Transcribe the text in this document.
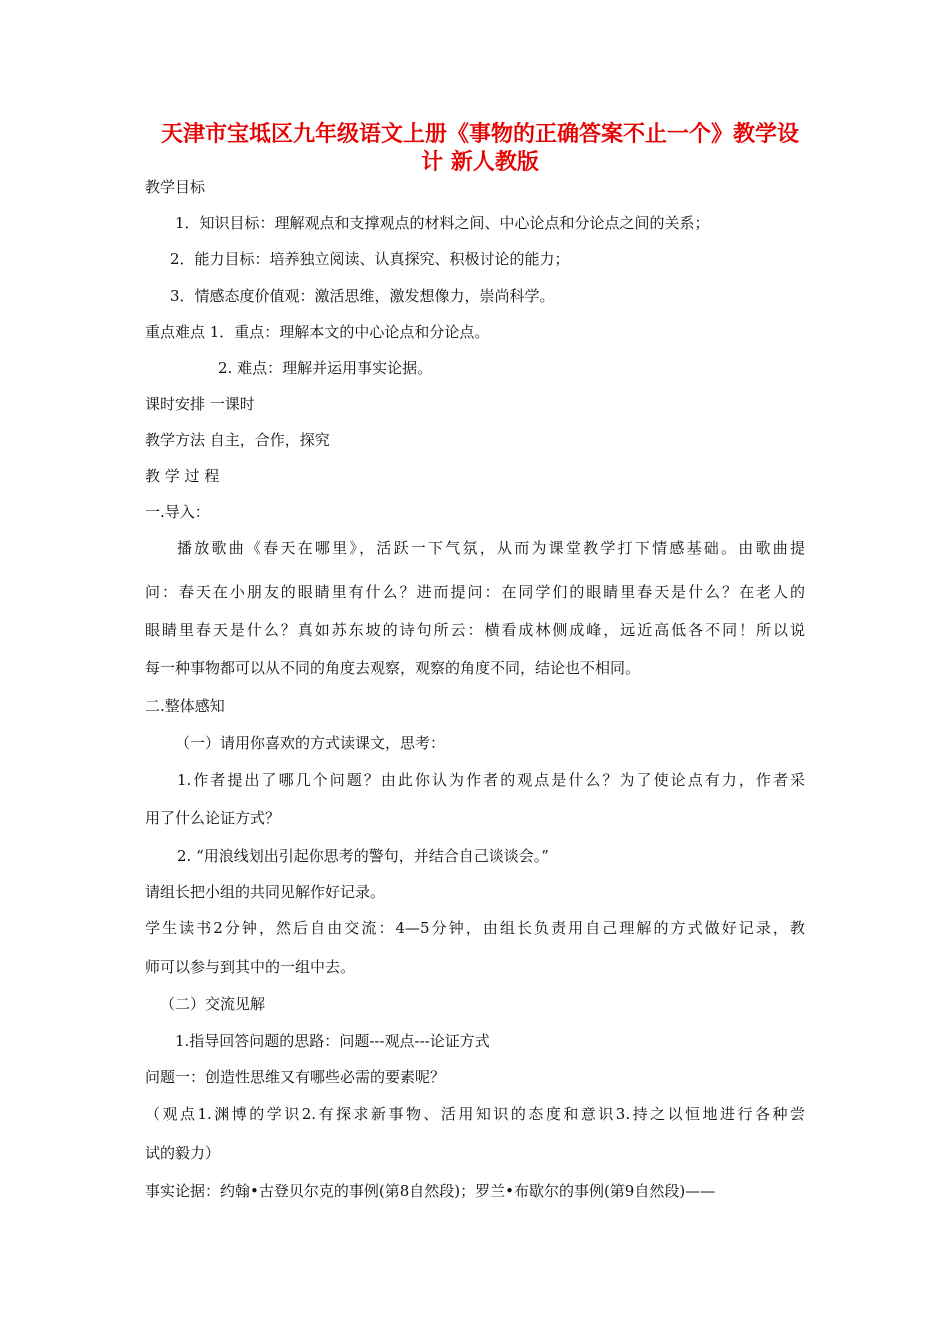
天津市宝坻区九年级语文上册《事物的正确答案不止一个》教学设
计 新人教版
教学目标
1．知识目标：理解观点和支撑观点的材料之间、中心论点和分论点之间的关系；
2．能力目标：培养独立阅读、认真探究、积极讨论的能力；
3．情感态度价值观：激活思维，激发想像力，崇尚科学。
重点难点 1．重点：理解本文的中心论点和分论点。
2. 难点：理解并运用事实论据。
课时安排 一课时
教学方法 自主，合作，探究
教 学 过 程
一.导入：
播放歌曲《春天在哪里》，活跃一下气氛，从而为课堂教学打下情感基础。由歌曲提
问：春天在小朋友的眼睛里有什么？进而提问：在同学们的眼睛里春天是什么？在老人的
眼睛里春天是什么？真如苏东坡的诗句所云：横看成林侧成峰，远近高低各不同！所以说
每一种事物都可以从不同的角度去观察，观察的角度不同，结论也不相同。
二.整体感知
（一）请用你喜欢的方式读课文，思考：
1.作者提出了哪几个问题？由此你认为作者的观点是什么？为了使论点有力，作者采
用了什么论证方式？
2. “用浪线划出引起你思考的警句，并结合自己谈谈会。”
请组长把小组的共同见解作好记录。
学生读书2分钟，然后自由交流：4—5分钟，由组长负责用自己理解的方式做好记录，教
师可以参与到其中的一组中去。
（二）交流见解
1.指导回答问题的思路：问题---观点---论证方式
问题一：创造性思维又有哪些必需的要素呢？
（观点1.渊博的学识2.有探求新事物、活用知识的态度和意识3.持之以恒地进行各种尝
试的毅力）
事实论据：约翰•古登贝尔克的事例(第8自然段)；罗兰•布歇尔的事例(第9自然段)——
